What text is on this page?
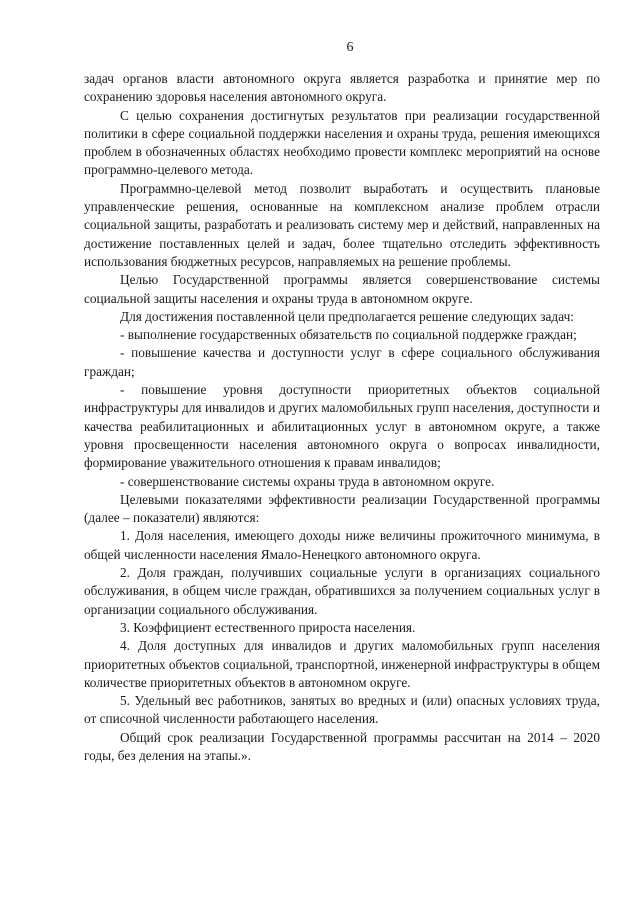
6

задач органов власти автономного округа является разработка и принятие мер по сохранению здоровья населения автономного округа.

С целью сохранения достигнутых результатов при реализации государственной политики в сфере социальной поддержки населения и охраны труда, решения имеющихся проблем в обозначенных областях необходимо провести комплекс мероприятий на основе программно-целевого метода.

Программно-целевой метод позволит выработать и осуществить плановые управленческие решения, основанные на комплексном анализе проблем отрасли социальной защиты, разработать и реализовать систему мер и действий, направленных на достижение поставленных целей и задач, более тщательно отследить эффективность использования бюджетных ресурсов, направляемых на решение проблемы.

Целью Государственной программы является совершенствование системы социальной защиты населения и охраны труда в автономном округе.

Для достижения поставленной цели предполагается решение следующих задач:

- выполнение государственных обязательств по социальной поддержке граждан;

- повышение качества и доступности услуг в сфере социального обслуживания граждан;

- повышение уровня доступности приоритетных объектов социальной инфраструктуры для инвалидов и других маломобильных групп населения, доступности и качества реабилитационных и абилитационных услуг в автономном округе, а также уровня просвещенности населения автономного округа о вопросах инвалидности, формирование уважительного отношения к правам инвалидов;

- совершенствование системы охраны труда в автономном округе.

Целевыми показателями эффективности реализации Государственной программы (далее – показатели) являются:

1. Доля населения, имеющего доходы ниже величины прожиточного минимума, в общей численности населения Ямало-Ненецкого автономного округа.

2. Доля граждан, получивших социальные услуги в организациях социального обслуживания, в общем числе граждан, обратившихся за получением социальных услуг в организации социального обслуживания.

3. Коэффициент естественного прироста населения.

4. Доля доступных для инвалидов и других маломобильных групп населения приоритетных объектов социальной, транспортной, инженерной инфраструктуры в общем количестве приоритетных объектов в автономном округе.

5. Удельный вес работников, занятых во вредных и (или) опасных условиях труда, от списочной численности работающего населения.

Общий срок реализации Государственной программы рассчитан на 2014 – 2020 годы, без деления на этапы.».
